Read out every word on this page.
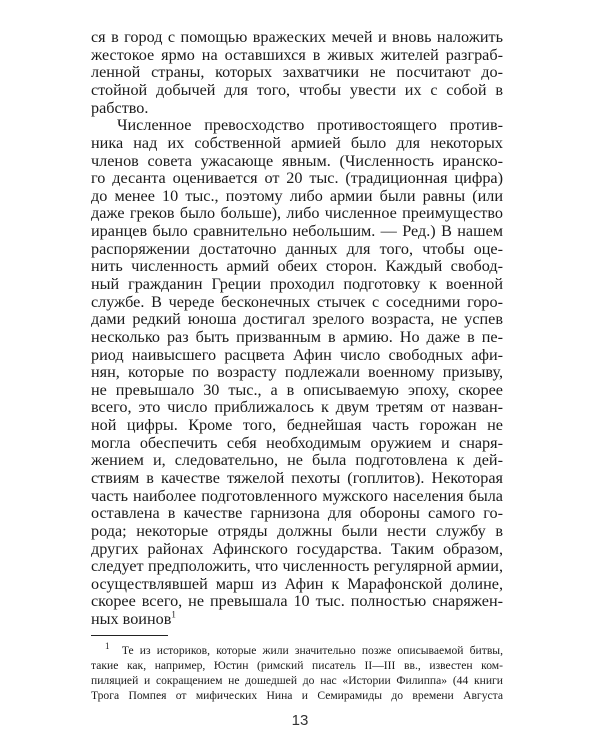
ся в город с помощью вражеских мечей и вновь наложить
жестокое ярмо на оставшихся в живых жителей разграб-
ленной страны, которых захватчики не посчитают до-
стойной добычей для того, чтобы увести их с собой в
рабство.
Численное превосходство противостоящего против-
ника над их собственной армией было для некоторых
членов совета ужасающе явным. (Численность иранско-
го десанта оценивается от 20 тыс. (традиционная цифра)
до менее 10 тыс., поэтому либо армии были равны (или
даже греков было больше), либо численное преимущество
иранцев было сравнительно небольшим. — Ред.) В нашем
распоряжении достаточно данных для того, чтобы оце-
нить численность армий обеих сторон. Каждый свобод-
ный гражданин Греции проходил подготовку к военной
службе. В череде бесконечных стычек с соседними горо-
дами редкий юноша достигал зрелого возраста, не успев
несколько раз быть призванным в армию. Но даже в пе-
риод наивысшего расцвета Афин число свободных афи-
нян, которые по возрасту подлежали военному призыву,
не превышало 30 тыс., а в описываемую эпоху, скорее
всего, это число приближалось к двум третям от назван-
ной цифры. Кроме того, беднейшая часть горожан не
могла обеспечить себя необходимым оружием и снаря-
жением и, следовательно, не была подготовлена к дей-
ствиям в качестве тяжелой пехоты (гоплитов). Некоторая
часть наиболее подготовленного мужского населения была
оставлена в качестве гарнизона для обороны самого го-
рода; некоторые отряды должны были нести службу в
других районах Афинского государства. Таким образом,
следует предположить, что численность регулярной армии,
осуществлявшей марш из Афин к Марафонской долине,
скорее всего, не превышала 10 тыс. полностью снаряжен-
ных воинов$^1$
$^1$ Те из историков, которые жили значительно позже описываемой битвы,
такие как, например, Юстин (римский писатель II—III вв., известен ком-
пиляцией и сокращением не дошедшей до нас «Истории Филиппа» (44 книги
Трога Помпея от мифических Нина и Семирамиды до времени Августа
13
